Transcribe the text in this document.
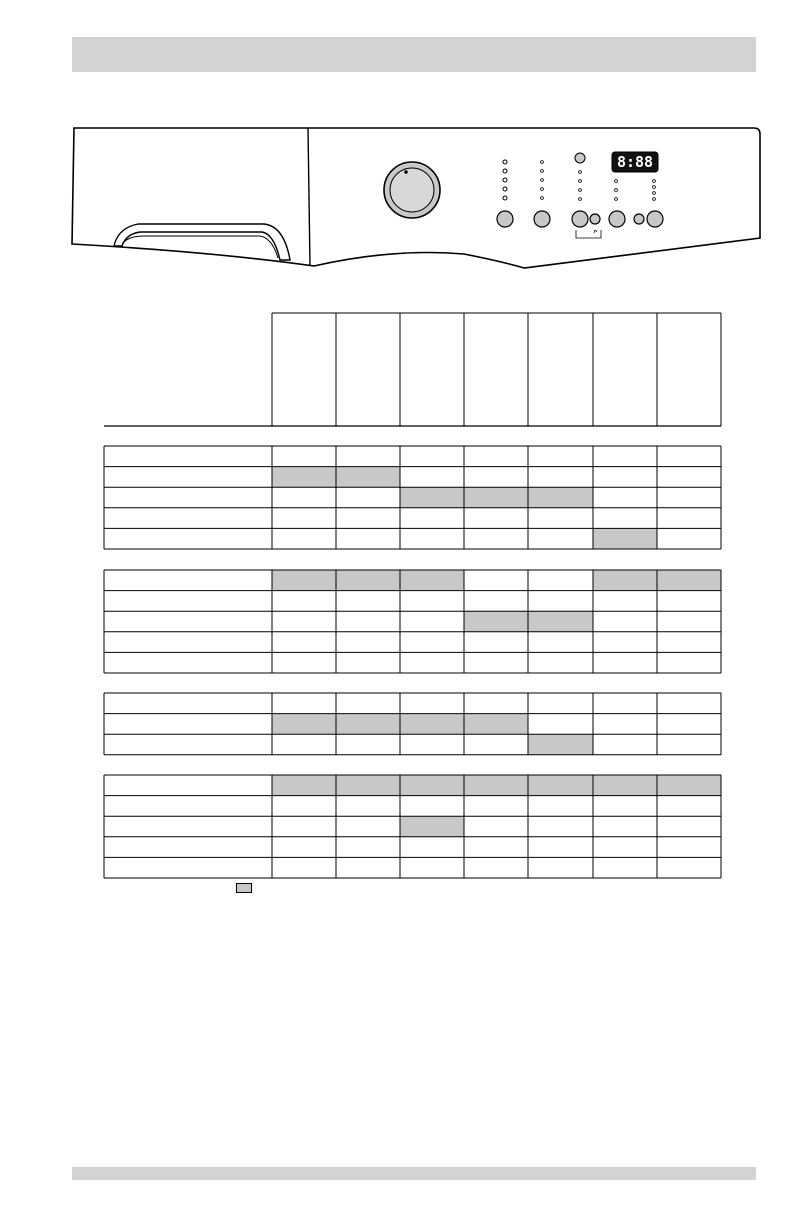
8:88
